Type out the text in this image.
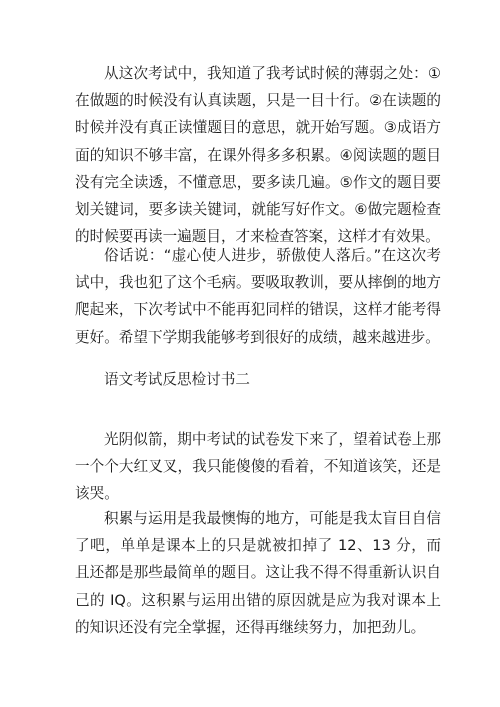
从这次考试中，我知道了我考试时候的薄弱之处：①在做题的时候没有认真读题，只是一目十行。②在读题的时候并没有真正读懂题目的意思，就开始写题。③成语方面的知识不够丰富，在课外得多多积累。④阅读题的题目没有完全读透，不懂意思，要多读几遍。⑤作文的题目要划关键词，要多读关键词，就能写好作文。⑥做完题检查的时候要再读一遍题目，才来检查答案，这样才有效果。

俗话说：“虚心使人进步，骄傲使人落后。”在这次考试中，我也犯了这个毛病。要吸取教训，要从摔倒的地方爬起来，下次考试中不能再犯同样的错误，这样才能考得更好。希望下学期我能够考到很好的成绩，越来越进步。

语文考试反思检讨书二

光阴似箭，期中考试的试卷发下来了，望着试卷上那一个个大红叉叉，我只能傻傻的看着，不知道该笑，还是该哭。

积累与运用是我最懊悔的地方，可能是我太盲目自信了吧，单单是课本上的只是就被扣掉了 12、13 分，而且还都是那些最简单的题目。这让我不得不得重新认识自己的 IQ。这积累与运用出错的原因就是应为我对课本上的知识还没有完全掌握，还得再继续努力，加把劲儿。
